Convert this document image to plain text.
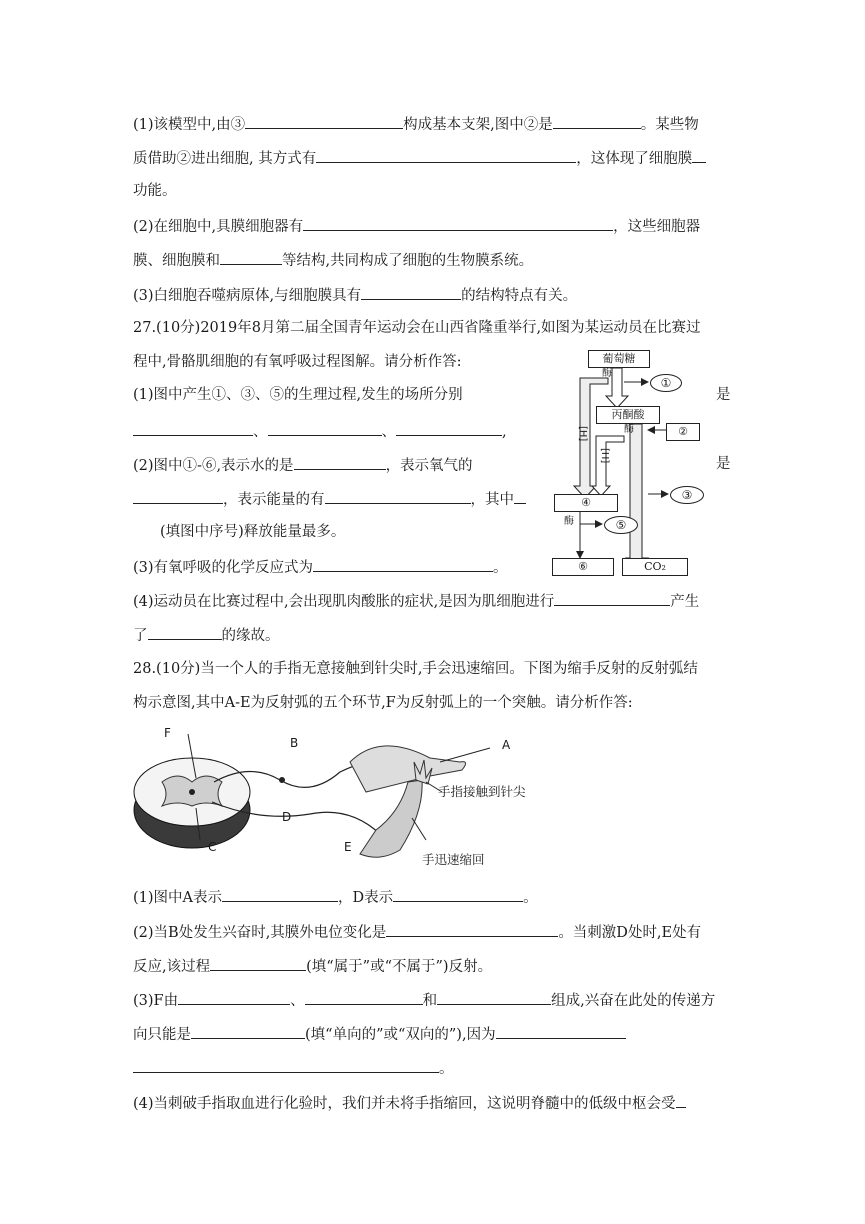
(1)该模型中,由③	构成基本支架,图中②是	。某些物
质借助②进出细胞, 其方式有	，这体现了细胞膜
功能。
(2)在细胞中,具膜细胞器有	，这些细胞器
膜、细胞膜和	等结构,共同构成了细胞的生物膜系统。
(3)白细胞吞噬病原体,与细胞膜具有	的结构特点有关。
27.(10分)2019年8月第二届全国青年运动会在山西省隆重举行,如图为某运动员在比赛过
程中,骨骼肌细胞的有氧呼吸过程图解。请分析作答:
(1)图中产生①、③、⑤的生理过程,发生的场所分别	是
、	、	,
(2)图中①-⑥,表示水的是	，表示氧气的	是
，表示能量的有	，其中
(填图中序号)释放能量最多。
(3)有氧呼吸的化学反应式为	。
(4)运动员在比赛过程中,会出现肌肉酸胀的症状,是因为肌细胞进行	产生
了	的缘故。
葡萄糖
酶
①
丙酮酸
[H]	酶	②
[H]
④
③
酶	⑤
⑥	CO₂
28.(10分)当一个人的手指无意接触到针尖时,手会迅速缩回。下图为缩手反射的反射弧结
构示意图,其中A-E为反射弧的五个环节,F为反射弧上的一个突触。请分析作答:
F
B	A
D
C	E
手指接触到针尖
手迅速缩回
(1)图中A表示	，D表示	。
(2)当B处发生兴奋时,其膜外电位变化是	。当刺激D处时,E处有
反应,该过程	(填“属于”或“不属于”)反射。
(3)F由	、	和	组成,兴奋在此处的传递方
向只能是	(填“单向的”或“双向的”),因为
。
(4)当刺破手指取血进行化验时，我们并未将手指缩回，这说明脊髓中的低级中枢会受
